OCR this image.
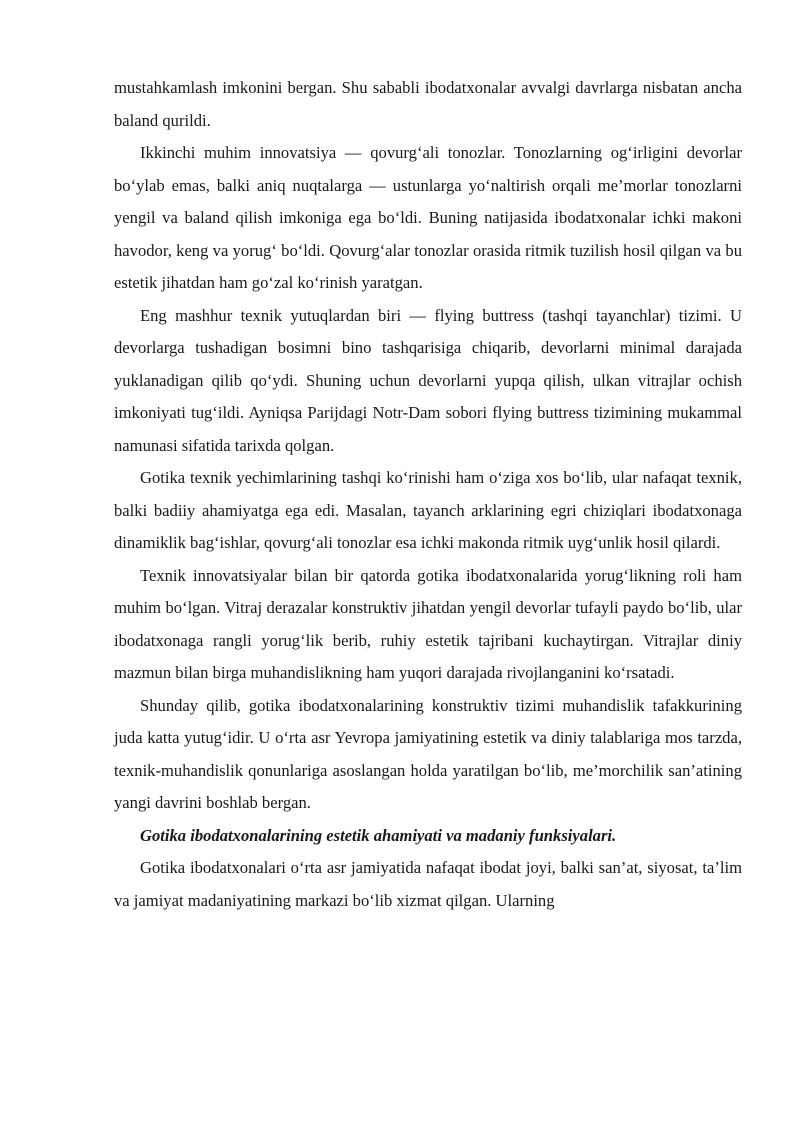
mustahkamlash imkonini bergan. Shu sababli ibodatxonalar avvalgi davrlarga nisbatan ancha baland qurildi.

Ikkinchi muhim innovatsiya — qovurg‘ali tonozlar. Tonozlarning og‘irligini devorlar bo‘ylab emas, balki aniq nuqtalarga — ustunlarga yo‘naltirish orqali me’morlar tonozlarni yengil va baland qilish imkoniga ega bo‘ldi. Buning natijasida ibodatxonalar ichki makoni havodor, keng va yorug‘ bo‘ldi. Qovurg‘alar tonozlar orasida ritmik tuzilish hosil qilgan va bu estetik jihatdan ham go‘zal ko‘rinish yaratgan.

Eng mashhur texnik yutuqlardan biri — flying buttress (tashqi tayanchlar) tizimi. U devorlarga tushadigan bosimni bino tashqarisiga chiqarib, devorlarni minimal darajada yuklanadigan qilib qo‘ydi. Shuning uchun devorlarni yupqa qilish, ulkan vitrajlar ochish imkoniyati tug‘ildi. Ayniqsa Parijdagi Notr-Dam sobori flying buttress tizimining mukammal namunasi sifatida tarixda qolgan.

Gotika texnik yechimlarining tashqi ko‘rinishi ham o‘ziga xos bo‘lib, ular nafaqat texnik, balki badiiy ahamiyatga ega edi. Masalan, tayanch arklarining egri chiziqlari ibodatxonaga dinamiklik bag‘ishlar, qovurg‘ali tonozlar esa ichki makonda ritmik uyg‘unlik hosil qilardi.

Texnik innovatsiyalar bilan bir qatorda gotika ibodatxonalarida yorug‘likning roli ham muhim bo‘lgan. Vitraj derazalar konstruktiv jihatdan yengil devorlar tufayli paydo bo‘lib, ular ibodatxonaga rangli yorug‘lik berib, ruhiy estetik tajribani kuchaytirgan. Vitrajlar diniy mazmun bilan birga muhandislikning ham yuqori darajada rivojlanganini ko‘rsatadi.

Shunday qilib, gotika ibodatxonalarining konstruktiv tizimi muhandislik tafakkurining juda katta yutug‘idir. U o‘rta asr Yevropa jamiyatining estetik va diniy talablariga mos tarzda, texnik-muhandislik qonunlariga asoslangan holda yaratilgan bo‘lib, me’morchilik san’atining yangi davrini boshlab bergan.

Gotika ibodatxonalarining estetik ahamiyati va madaniy funksiyalari.

Gotika ibodatxonalari o‘rta asr jamiyatida nafaqat ibodat joyi, balki san’at, siyosat, ta’lim va jamiyat madaniyatining markazi bo‘lib xizmat qilgan. Ularning
